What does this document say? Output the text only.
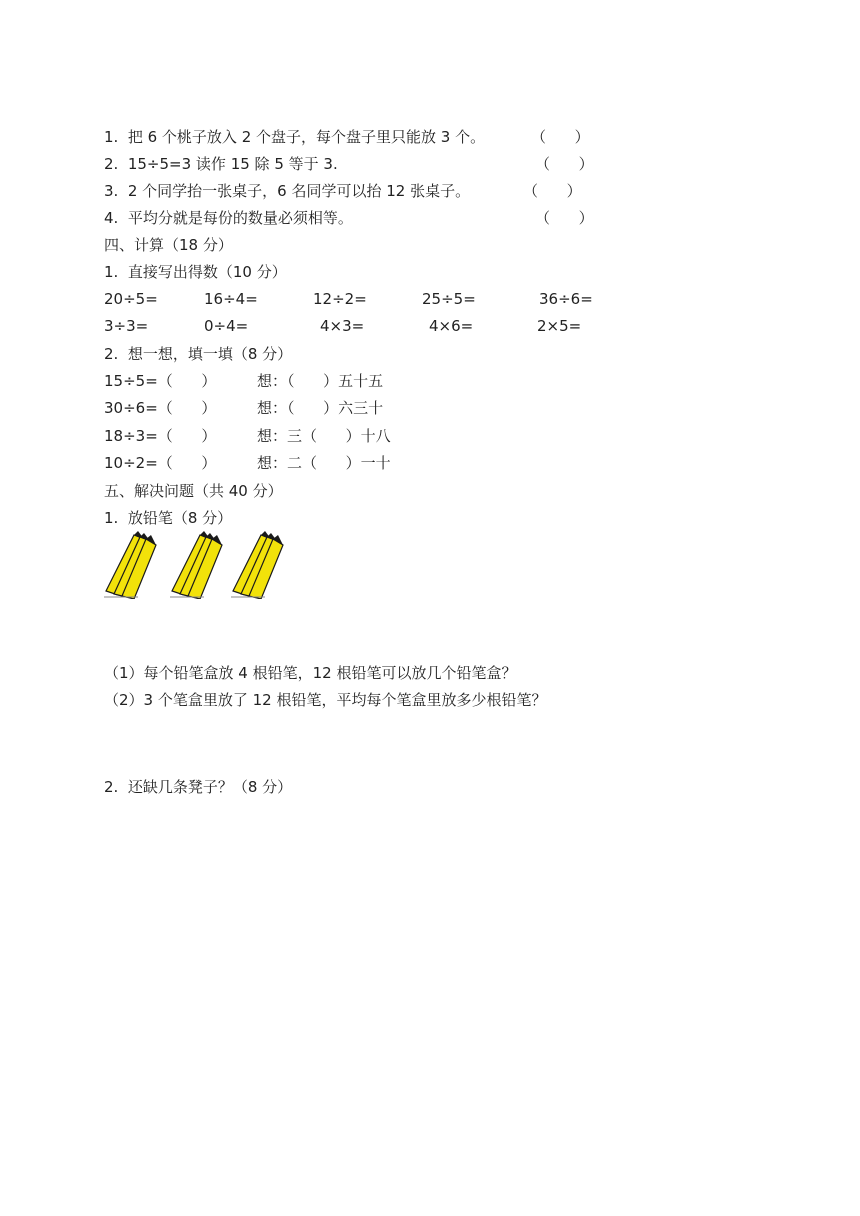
1.  把 6 个桃子放入 2 个盘子，每个盘子里只能放 3 个。	（      ）
2.  15÷5=3 读作 15 除 5 等于 3.	（      ）
3.  2 个同学抬一张桌子，6 名同学可以抬 12 张桌子。	（      ）
4.  平均分就是每份的数量必须相等。	（      ）
四、计算（18 分）
1.  直接写出得数（10 分）
20÷5=	16÷4=	12÷2=	25÷5=	36÷6=
3÷3=	0÷4=	4×3=	4×6=	2×5=
2.  想一想，填一填（8 分）
15÷5=（      ）	想：（      ）五十五
30÷6=（      ）	想：（      ）六三十
18÷3=（      ）	想：三（      ）十八
10÷2=（      ）	想：二（      ）一十
五、解决问题（共 40 分）
1.  放铅笔（8 分）
（1）每个铅笔盒放 4 根铅笔，12 根铅笔可以放几个铅笔盒？
（2）3 个笔盒里放了 12 根铅笔，平均每个笔盒里放多少根铅笔？
2.  还缺几条凳子？（8 分）
